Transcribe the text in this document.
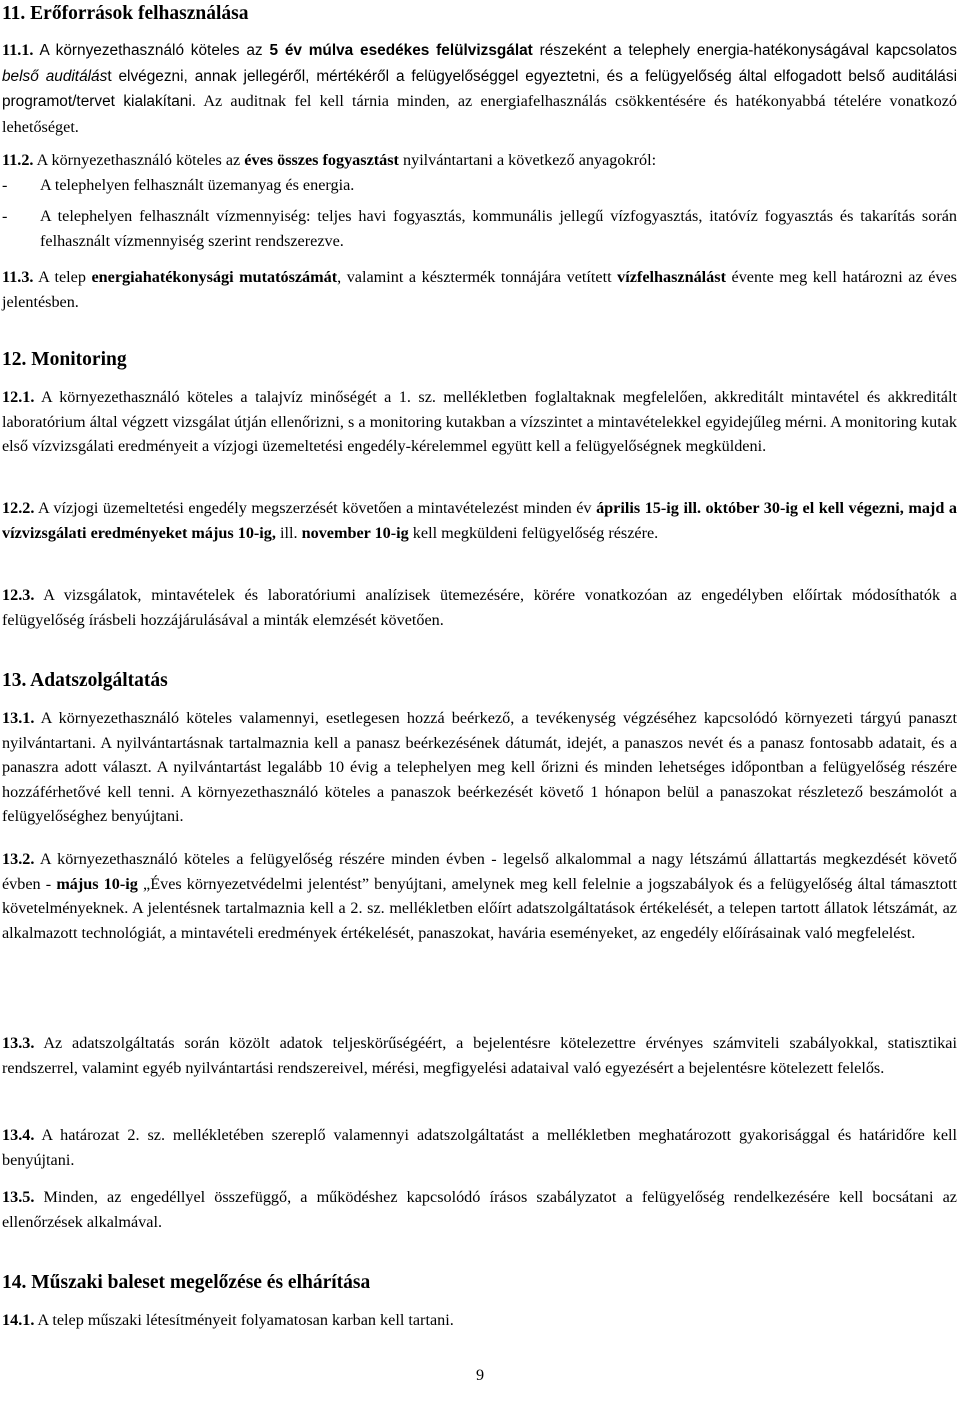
11. Erőforrások felhasználása
11.1. A környezethasználó köteles az 5 év múlva esedékes felülvizsgálat részeként a telephely energia-hatékonyságával kapcsolatos belső auditálást elvégezni, annak jellegéről, mértékéről a felügyelőséggel egyeztetni, és a felügyelőség által elfogadott belső auditálási programot/tervet kialakítani. Az auditnak fel kell tárnia minden, az energiafelhasználás csökkentésére és hatékonyabbá tételére vonatkozó lehetőséget.
11.2. A környezethasználó köteles az éves összes fogyasztást nyilvántartani a következő anyagokról:
- A telephelyen felhasznált üzemanyag és energia.
- A telephelyen felhasznált vízmennyiség: teljes havi fogyasztás, kommunális jellegű vízfogyasztás, itatóvíz fogyasztás és takarítás során felhasznált vízmennyiség szerint rendszerezve.
11.3. A telep energiahatékonysági mutatószámát, valamint a késztermék tonnájára vetített vízfelhasználást évente meg kell határozni az éves jelentésben.
12. Monitoring
12.1. A környezethasználó köteles a talajvíz minőségét a 1. sz. mellékletben foglaltaknak megfelelően, akkreditált mintavétel és akkreditált laboratórium által végzett vizsgálat útján ellenőrizni, s a monitoring kutakban a vízszintet a mintavételekkel egyidejűleg mérni. A monitoring kutak első vízvizsgálati eredményeit a vízjogi üzemeltetési engedély-kérelemmel együtt kell a felügyelőségnek megküldeni.
12.2. A vízjogi üzemeltetési engedély megszerzését követően a mintavételezést minden év április 15-ig ill. október 30-ig el kell végezni, majd a vízvizsgálati eredményeket május 10-ig, ill. november 10-ig kell megküldeni felügyelőség részére.
12.3. A vizsgálatok, mintavételek és laboratóriumi analízisek ütemezésére, körére vonatkozóan az engedélyben előírtak módosíthatók a felügyelőség írásbeli hozzájárulásával a minták elemzését követően.
13. Adatszolgáltatás
13.1. A környezethasználó köteles valamennyi, esetlegesen hozzá beérkező, a tevékenység végzéséhez kapcsolódó környezeti tárgyú panaszt nyilvántartani. A nyilvántartásnak tartalmaznia kell a panasz beérkezésének dátumát, idejét, a panaszos nevét és a panasz fontosabb adatait, és a panaszra adott választ. A nyilvántartást legalább 10 évig a telephelyen meg kell őrizni és minden lehetséges időpontban a felügyelőség részére hozzáférhetővé kell tenni. A környezethasználó köteles a panaszok beérkezését követő 1 hónapon belül a panaszokat részletező beszámolót a felügyelőséghez benyújtani.
13.2. A környezethasználó köteles a felügyelőség részére minden évben - legelső alkalommal a nagy létszámú állattartás megkezdését követő évben - május 10-ig „Éves környezetvédelmi jelentést” benyújtani, amelynek meg kell felelnie a jogszabályok és a felügyelőség által támasztott követelményeknek. A jelentésnek tartalmaznia kell a 2. sz. mellékletben előírt adatszolgáltatások értékelését, a telepen tartott állatok létszámát, az alkalmazott technológiát, a mintavételi eredmények értékelését, panaszokat, havária eseményeket, az engedély előírásainak való megfelelést.
13.3. Az adatszolgáltatás során közölt adatok teljeskörűségéért, a bejelentésre kötelezettre érvényes számviteli szabályokkal, statisztikai rendszerrel, valamint egyéb nyilvántartási rendszereivel, mérési, megfigyelési adataival való egyezésért a bejelentésre kötelezett felelős.
13.4. A határozat 2. sz. mellékletében szereplő valamennyi adatszolgáltatást a mellékletben meghatározott gyakorisággal és határidőre kell benyújtani.
13.5. Minden, az engedéllyel összefüggő, a működéshez kapcsolódó írásos szabályzatot a felügyelőség rendelkezésére kell bocsátani az ellenőrzések alkalmával.
14. Műszaki baleset megelőzése és elhárítása
14.1. A telep műszaki létesítményeit folyamatosan karban kell tartani.
9
